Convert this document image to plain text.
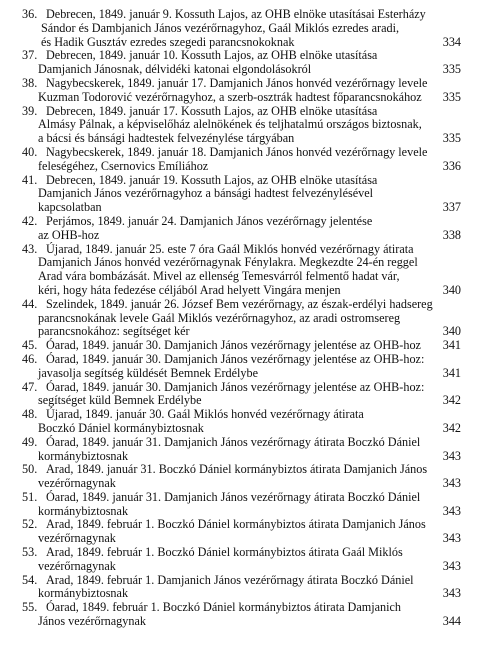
36. Debrecen, 1849. január 9. Kossuth Lajos, az OHB elnöke utasításai Esterházy
Sándor és Dambjanich János vezérőrnagyhoz, Gaál Miklós ezredes aradi,
és Hadik Gusztáv ezredes szegedi parancsnokoknak	334
37. Debrecen, 1849. január 10. Kossuth Lajos, az OHB elnöke utasítása
Damjanich Jánosnak, délvidéki katonai elgondolásokról	335
38. Nagybecskerek, 1849. január 17. Damjanich János honvéd vezérőrnagy levele
Kuzman Todorović vezérőrnagyhoz, a szerb-osztrák hadtest főparancsnokához	335
39. Debrecen, 1849. január 17. Kossuth Lajos, az OHB elnöke utasítása
Almásy Pálnak, a képviselőház alelnökének és teljhatalmú országos biztosnak,
a bácsi és bánsági hadtestek felvezénylése tárgyában	335
40. Nagybecskerek, 1849. január 18. Damjanich János honvéd vezérőrnagy levele
feleségéhez, Csernovics Emíliához	336
41. Debrecen, 1849. január 19. Kossuth Lajos, az OHB elnöke utasítása
Damjanich János vezérőrnagyhoz a bánsági hadtest felvezénylésével
kapcsolatban	337
42. Perjámos, 1849. január 24. Damjanich János vezérőrnagy jelentése
az OHB-hoz	338
43. Újarad, 1849. január 25. este 7 óra Gaál Miklós honvéd vezérőrnagy átirata
Damjanich János honvéd vezérőrnagynak Fénylakra. Megkezdte 24-én reggel
Arad vára bombázását. Mivel az ellenség Temesvárról felmentő hadat vár,
kéri, hogy háta fedezése céljából Arad helyett Vingára menjen	340
44. Szelindek, 1849. január 26. József Bem vezérőrnagy, az észak-erdélyi hadsereg
parancsnokának levele Gaál Miklós vezérőrnagyhoz, az aradi ostromsereg
parancsnokához: segítséget kér	340
45. Óarad, 1849. január 30. Damjanich János vezérőrnagy jelentése az OHB-hoz	341
46. Óarad, 1849. január 30. Damjanich János vezérőrnagy jelentése az OHB-hoz:
javasolja segítség küldését Bemnek Erdélybe	341
47. Óarad, 1849. január 30. Damjanich János vezérőrnagy jelentése az OHB-hoz:
segítséget küld Bemnek Erdélybe	342
48. Újarad, 1849. január 30. Gaál Miklós honvéd vezérőrnagy átirata
Boczkó Dániel kormánybiztosnak	342
49. Óarad, 1849. január 31. Damjanich János vezérőrnagy átirata Boczkó Dániel
kormánybiztosnak	343
50. Arad, 1849. január 31. Boczkó Dániel kormánybiztos átirata Damjanich János
vezérőrnagynak	343
51. Óarad, 1849. január 31. Damjanich János vezérőrnagy átirata Boczkó Dániel
kormánybiztosnak	343
52. Arad, 1849. február 1. Boczkó Dániel kormánybiztos átirata Damjanich János
vezérőrnagynak	343
53. Arad, 1849. február 1. Boczkó Dániel kormánybiztos átirata Gaál Miklós
vezérőrnagynak	343
54. Arad, 1849. február 1. Damjanich János vezérőrnagy átirata Boczkó Dániel
kormánybiztosnak	343
55. Óarad, 1849. február 1. Boczkó Dániel kormánybiztos átirata Damjanich
János vezérőrnagynak	344
